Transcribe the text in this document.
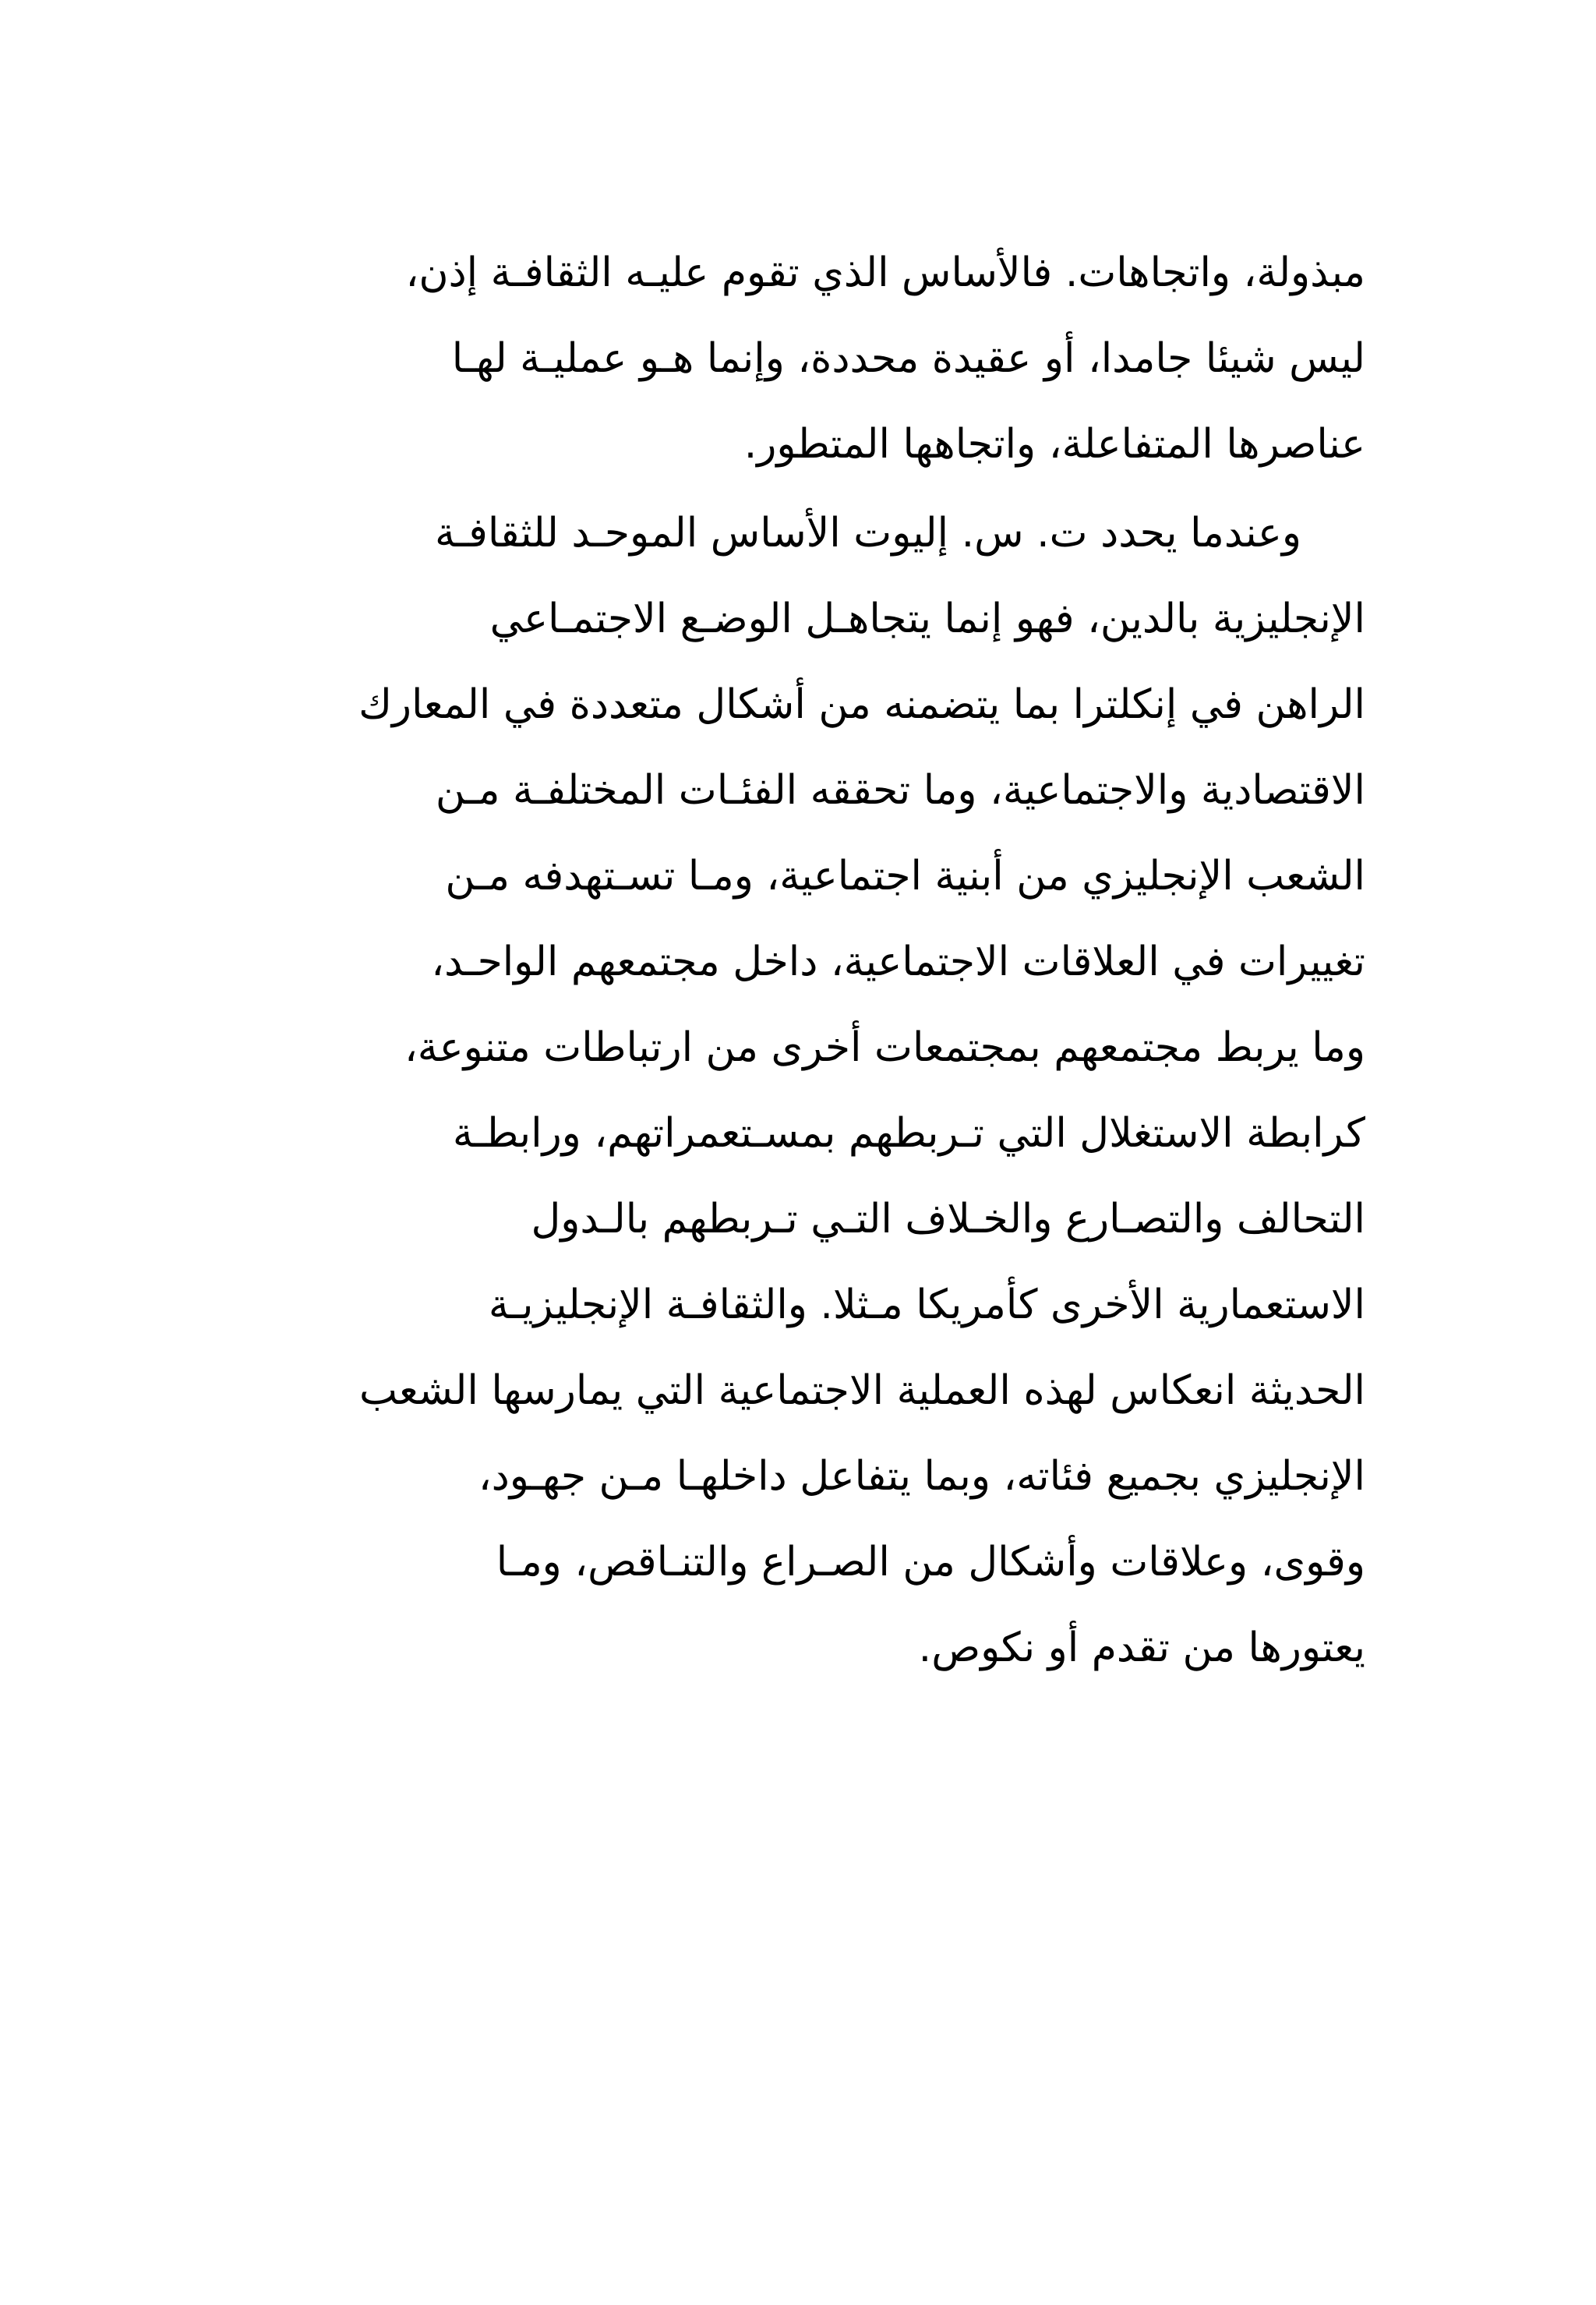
مبذولة، واتجاهات. فالأساس الذي تقوم عليـه الثقافـة إذن،
ليس شيئا جامدا، أو عقيدة محددة، وإنما هـو عمليـة لهـا
عناصرها المتفاعلة، واتجاهها المتطور.
وعندما يحدد ت. س. إليوت الأساس الموحـد للثقافـة
الإنجليزية بالدين، فهو إنما يتجاهـل الوضـع الاجتمـاعي
الراهن في إنكلترا بما يتضمنه من أشكال متعددة في المعارك
الاقتصادية والاجتماعية، وما تحققه الفئـات المختلفـة مـن
الشعب الإنجليزي من أبنية اجتماعية، ومـا تسـتهدفه مـن
تغييرات في العلاقات الاجتماعية، داخل مجتمعهم الواحـد،
وما يربط مجتمعهم بمجتمعات أخرى من ارتباطات متنوعة،
كرابطة الاستغلال التي تـربطهم بمسـتعمراتهم، ورابطـة
التحالف والتصـارع والخـلاف التـي تـربطهم بالـدول
الاستعمارية الأخرى كأمريكا مـثلا. والثقافـة الإنجليزيـة
الحديثة انعكاس لهذه العملية الاجتماعية التي يمارسها الشعب
الإنجليزي بجميع فئاته، وبما يتفاعل داخلهـا مـن جهـود،
وقوى، وعلاقات وأشكال من الصـراع والتنـاقص، ومـا
يعتورها من تقدم أو نكوص.
